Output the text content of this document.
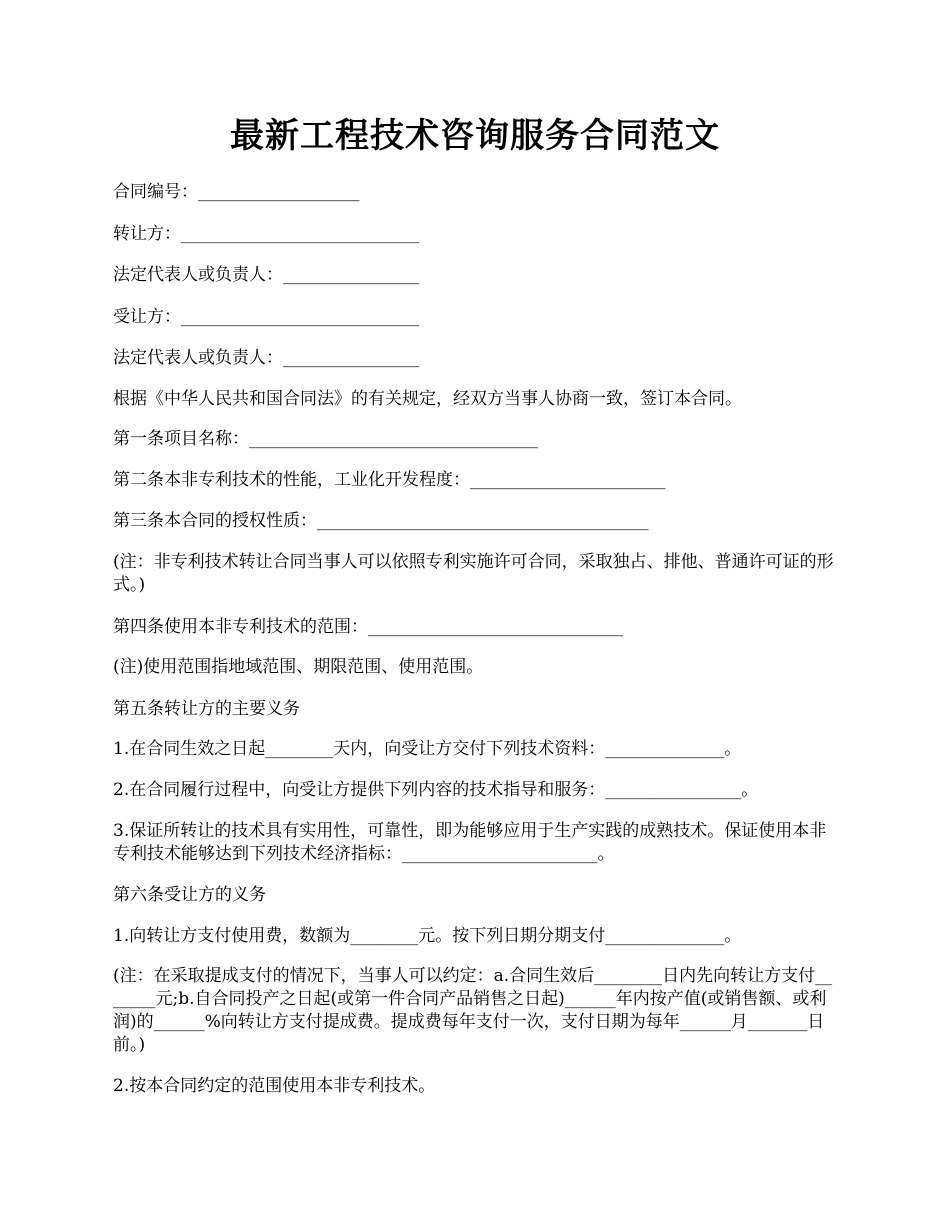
最新工程技术咨询服务合同范文

合同编号：___________________

转让方：____________________________

法定代表人或负责人：________________

受让方：____________________________

法定代表人或负责人：________________

根据《中华人民共和国合同法》的有关规定，经双方当事人协商一致，签订本合同。

第一条项目名称：__________________________________

第二条本非专利技术的性能，工业化开发程度：_______________________

第三条本合同的授权性质：_______________________________________

(注：非专利技术转让合同当事人可以依照专利实施许可合同，采取独占、排他、普通许可证的形式。)

第四条使用本非专利技术的范围：______________________________

(注)使用范围指地域范围、期限范围、使用范围。

第五条转让方的主要义务

1.在合同生效之日起________天内，向受让方交付下列技术资料：______________。

2.在合同履行过程中，向受让方提供下列内容的技术指导和服务：________________。

3.保证所转让的技术具有实用性，可靠性，即为能够应用于生产实践的成熟技术。保证使用本非专利技术能够达到下列技术经济指标：_______________________。

第六条受让方的义务

1.向转让方支付使用费，数额为________元。按下列日期分期支付______________。

(注：在采取提成支付的情况下，当事人可以约定：a.合同生效后________日内先向转让方支付_______元;b.自合同投产之日起(或第一件合同产品销售之日起)______年内按产值(或销售额、或利润)的______%向转让方支付提成费。提成费每年支付一次，支付日期为每年______月_______日前。)

2.按本合同约定的范围使用本非专利技术。
